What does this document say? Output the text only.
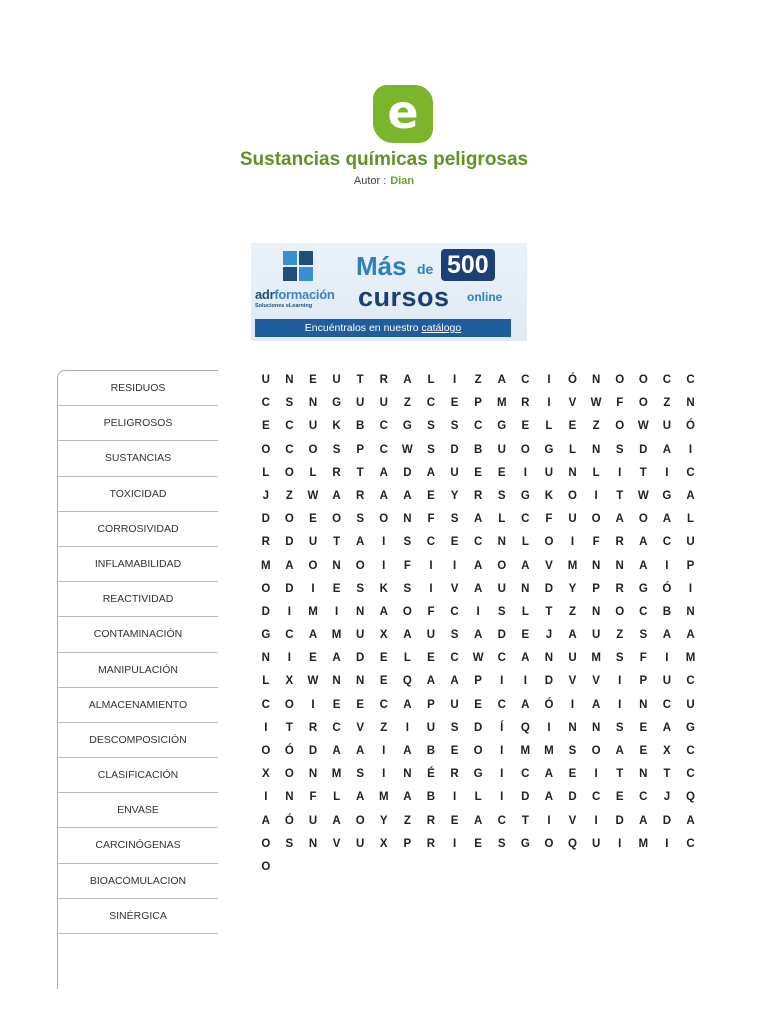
e
Sustancias químicas peligrosas
Autor : Dian
adrformación
Soluciones eLearning
Más de 500
cursos online
Encuéntralos en nuestro catálogo
RESIDUOS
PELIGROSOS
SUSTANCIAS
TOXICIDAD
CORROSIVIDAD
INFLAMABILIDAD
REACTIVIDAD
CONTAMINACIÓN
MANIPULACIÓN
ALMACENAMIENTO
DESCOMPOSICIÓN
CLASIFICACIÓN
ENVASE
CARCINÓGENAS
BIOACOMULACION
SINÉRGICA
U	N	E	U	T	R	A	L	I	Z	A	C	I	Ó	N	O	O	C	C
C	S	N	G	U	U	Z	C	E	P	M	R	I	V	W	F	O	Z	N
E	C	U	K	B	C	G	S	S	C	G	E	L	E	Z	O	W	U	Ó
O	C	O	S	P	C	W	S	D	B	U	O	G	L	N	S	D	A	I
L	O	L	R	T	A	D	A	U	E	E	I	U	N	L	I	T	I	C
J	Z	W	A	R	A	A	E	Y	R	S	G	K	O	I	T	W	G	A
D	O	E	O	S	O	N	F	S	A	L	C	F	U	O	A	O	A	L
R	D	U	T	A	I	S	C	E	C	N	L	O	I	F	R	A	C	U
M	A	O	N	O	I	F	I	I	A	O	A	V	M	N	N	A	I	P
O	D	I	E	S	K	S	I	V	A	U	N	D	Y	P	R	G	Ó	I
D	I	M	I	N	A	O	F	C	I	S	L	T	Z	N	O	C	B	N
G	C	A	M	U	X	A	U	S	A	D	E	J	A	U	Z	S	A	A
N	I	E	A	D	E	L	E	C	W	C	A	N	U	M	S	F	I	M
L	X	W	N	N	E	Q	A	A	P	I	I	D	V	V	I	P	U	C
C	O	I	E	E	C	A	P	U	E	C	A	Ó	I	A	I	N	C	U
I	T	R	C	V	Z	I	U	S	D	Í	Q	I	N	N	S	E	A	G
O	Ó	D	A	A	I	A	B	E	O	I	M	M	S	O	A	E	X	C
X	O	N	M	S	I	N	É	R	G	I	C	A	E	I	T	N	T	C
I	N	F	L	A	M	A	B	I	L	I	D	A	D	C	E	C	J	Q
A	Ó	U	A	O	Y	Z	R	E	A	C	T	I	V	I	D	A	D	A
O	S	N	V	U	X	P	R	I	E	S	G	O	Q	U	I	M	I	C
O
